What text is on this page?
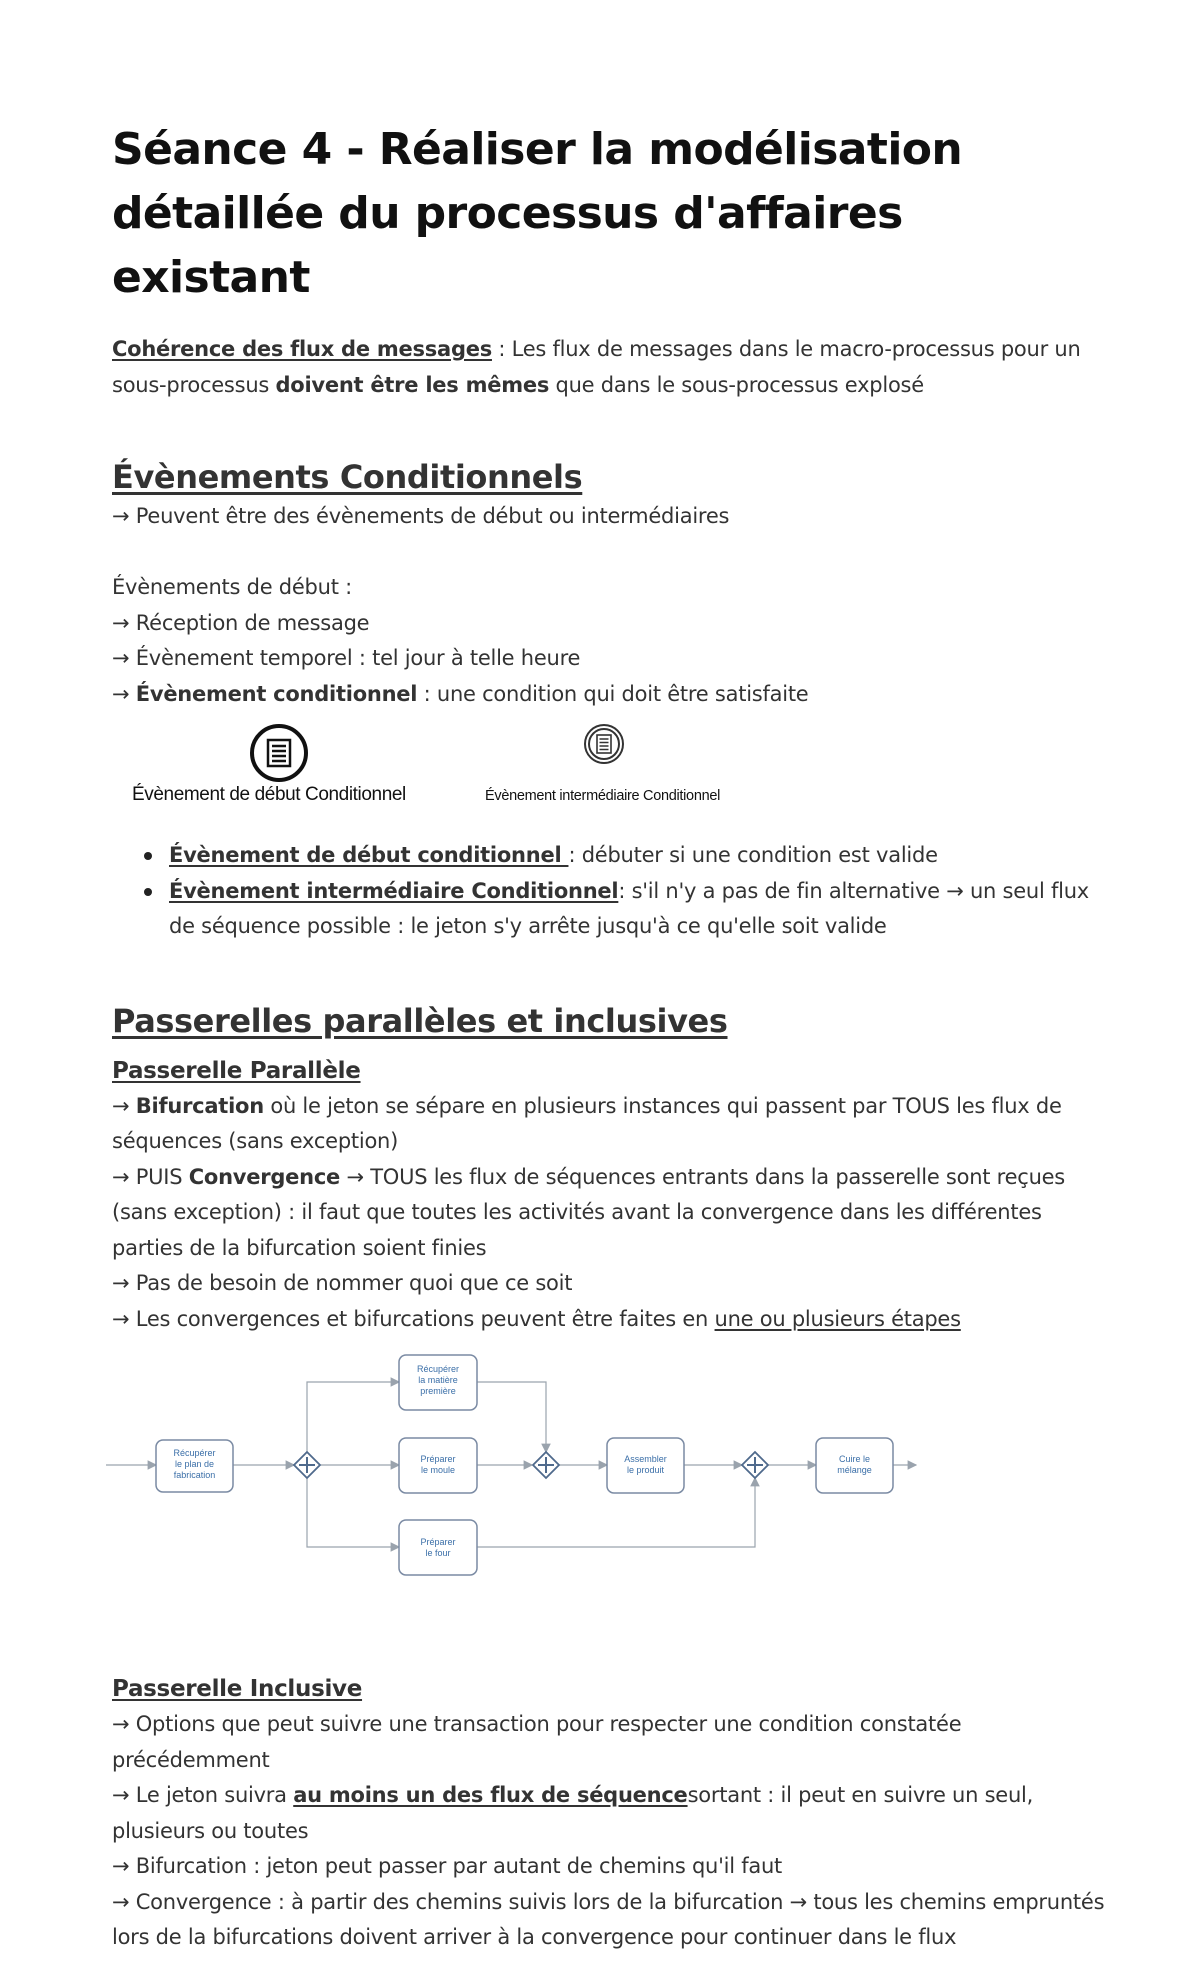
Séance 4 - Réaliser la modélisation détaillée du processus d'affaires existant

Cohérence des flux de messages : Les flux de messages dans le macro-processus pour un sous-processus doivent être les mêmes que dans le sous-processus explosé

Évènements Conditionnels

→ Peuvent être des évènements de début ou intermédiaires

Évènements de début :

→ Réception de message

→ Évènement temporel : tel jour à telle heure

→ Évènement conditionnel : une condition qui doit être satisfaite

Évènement de début Conditionnel	Évènement intermédiaire Conditionnel
Évènement de début conditionnel : débuter si une condition est valide
Évènement intermédiaire Conditionnel: s'il n'y a pas de fin alternative → un seul flux de séquence possible : le jeton s'y arrête jusqu'à ce qu'elle soit valide
Passerelles parallèles et inclusives
Passerelle Parallèle

→ Bifurcation où le jeton se sépare en plusieurs instances qui passent par TOUS les flux de séquences (sans exception)

→ PUIS Convergence → TOUS les flux de séquences entrants dans la passerelle sont reçues (sans exception) : il faut que toutes les activités avant la convergence dans les différentes parties de la bifurcation soient finies

→ Pas de besoin de nommer quoi que ce soit

→ Les convergences et bifurcations peuvent être faites en une ou plusieurs étapes

Récupérer
le plan de
fabrication
Récupérer
la matière
première
Préparer
le moule
Préparer
le four
Assembler
le produit
Cuire le
mélange
Passerelle Inclusive

→ Options que peut suivre une transaction pour respecter une condition constatée précédemment

→ Le jeton suivra au moins un des flux de séquencesortant : il peut en suivre un seul, plusieurs ou toutes

→ Bifurcation : jeton peut passer par autant de chemins qu'il faut

→ Convergence : à partir des chemins suivis lors de la bifurcation → tous les chemins empruntés lors de la bifurcations doivent arriver à la convergence pour continuer dans le flux
